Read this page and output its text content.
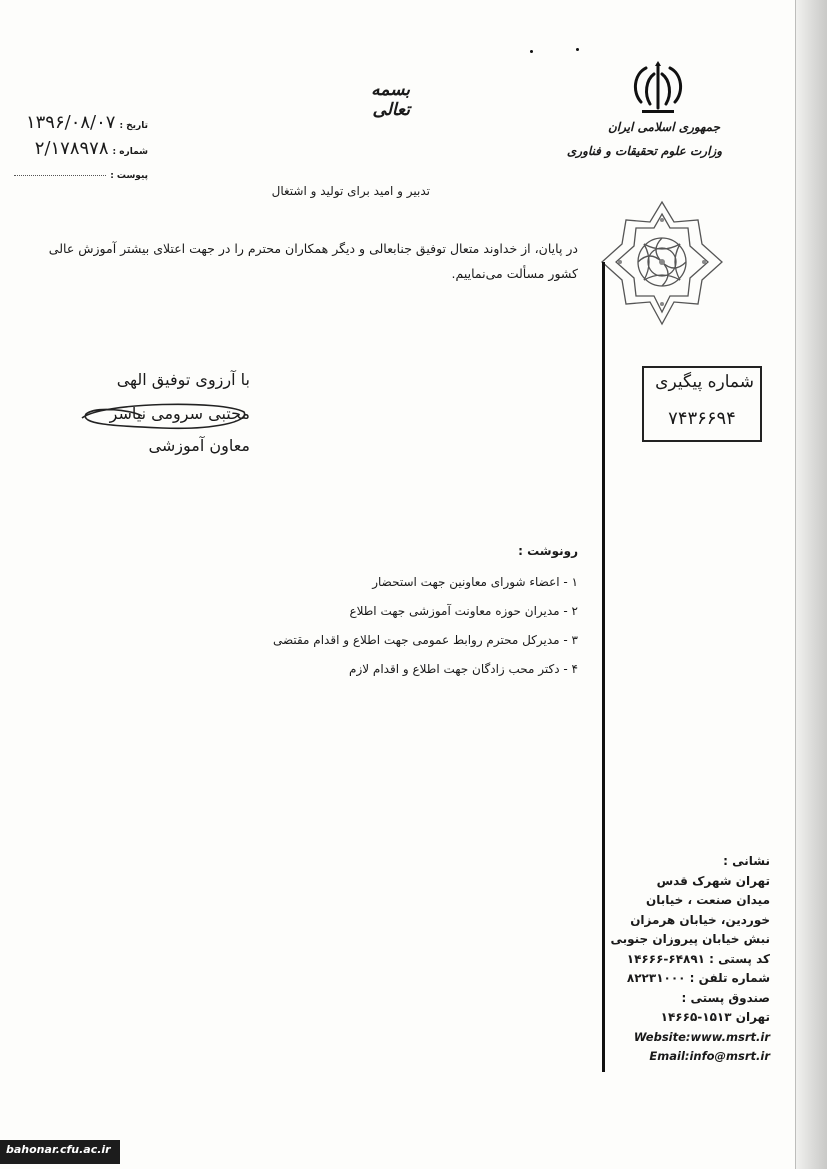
جمهوری اسلامی ایران
وزارت علوم تحقیقات و فناوری
شماره پیگیری
۷۴۳۶۶۹۴
نشانی :
تهران شهرک قدس
میدان صنعت ، خیابان
خوردین، خیابان هرمزان
نبش خیابان پیروزان جنوبی
کد پستی : ۶۴۸۹۱-۱۴۶۶۶
شماره تلفن : ۸۲۲۳۱۰۰۰
صندوق پستی :
تهران ۱۵۱۳-۱۴۶۶۵
Website:www.msrt.ir
Email:info@msrt.ir
بسمه تعالی
تاریخ :۱۳۹۶/۰۸/۰۷
شماره :۲/۱۷۸۹۷۸
پیوست :
تدبیر و امید برای تولید و اشتغال
در پایان، از خداوند متعال توفیق جنابعالی و دیگر همکاران محترم را در جهت اعتلای بیشتر آموزش عالی کشور مسألت می‌نماییم.
با آرزوی توفیق الهی
مجتبی سرومی نیاسر
معاون آموزشی
رونوشت :
۱ - اعضاء شورای معاونین جهت استحضار
۲ - مدیران حوزه معاونت آموزشی جهت اطلاع
۳ - مدیرکل محترم روابط عمومی جهت اطلاع و اقدام مقتضی
۴ - دکتر محب زادگان جهت اطلاع و اقدام لازم
bahonar.cfu.ac.ir
